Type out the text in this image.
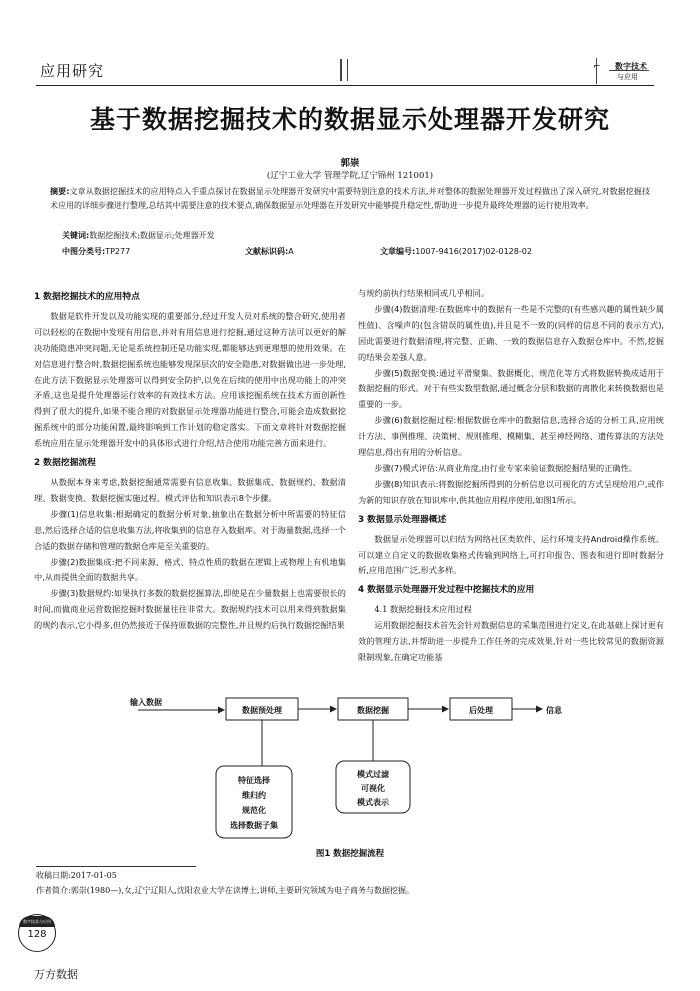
应用研究	⌐ 数字技术
与应用
基于数据挖掘技术的数据显示处理器开发研究
郭崇
(辽宁工业大学 管理学院,辽宁锦州 121001)
摘要:文章从数据挖掘技术的应用特点入手重点探讨在数据显示处理器开发研究中需要特别注意的技术方法,并对整体的数据处理器开发过程做出了深入研究,对数据挖掘技术应用的详细步骤进行整理,总结其中需要注意的技术要点,确保数据显示处理器在开发研究中能够提升稳定性,帮助进一步提升最终处理器的运行使用效率。
关键词:数据挖掘技术;数据显示;处理器开发
中图分类号:TP277	文献标识码:A	文章编号:1007-9416(2017)02-0128-02

1 数据挖掘技术的应用特点

数据是软件开发以及功能实现的重要部分,经过开发人员对系统的整合研究,使用者可以轻松的在数据中发现有用信息,并对有用信息进行挖掘,通过这种方法可以更好的解决功能隐患冲突问题,无论是系统控制还是功能实现,都能够达到更理想的使用效果。在对信息进行整合时,数据挖掘系统也能够发现深层次的安全隐患,对数据做出进一步处理,在此方法下数据显示处理器可以得到安全防护,以免在后续的使用中出现功能上的冲突矛盾,这也是提升处理器运行效率的有效技术方法。应用该挖掘系统在技术方面创新性得到了很大的提升,如果不能合理的对数据显示处理器功能进行整合,可能会造成数据挖掘系统中的部分功能闲置,最终影响到工作计划的稳定落实。下面文章将针对数据挖掘系统应用在显示处理器开发中的具体形式进行介绍,结合使用功能完善方面来进行。

2 数据挖掘流程

从数据本身来考虑,数据挖掘通常需要有信息收集、数据集成、数据规约、数据清理、数据变换、数据挖掘实施过程、模式评估和知识表示8个步骤。

步骤(1)信息收集:根据确定的数据分析对象,抽象出在数据分析中所需要的特征信息,然后选择合适的信息收集方法,将收集到的信息存入数据库。对于海量数据,选择一个合适的数据存储和管理的数据仓库是至关重要的。

步骤(2)数据集成:把不同来源、格式、特点性质的数据在逻辑上或物理上有机地集中,从而提供全面的数据共享。

步骤(3)数据规约:如果执行多数的数据挖掘算法,即使是在少量数据上也需要很长的时间,而做商业运营数据挖掘时数据量往往非常大。数据规约技术可以用来得到数据集的规约表示,它小得多,但仍然接近于保持原数据的完整性,并且规约后执行数据挖掘结果

与规约前执行结果相同或几乎相同。

步骤(4)数据清理:在数据库中的数据有一些是不完整的(有些感兴趣的属性缺少属性值)、含噪声的(包含错误的属性值),并且是不一致的(同样的信息不同的表示方式),因此需要进行数据清理,将完整、正确、一致的数据信息存入数据仓库中。不然,挖掘的结果会差强人意。

步骤(5)数据变换:通过平滑聚集、数据概化、规范化等方式将数据转换成适用于数据挖掘的形式。对于有些实数型数据,通过概念分层和数据的离散化来转换数据也是重要的一步。

步骤(6)数据挖掘过程:根据数据仓库中的数据信息,选择合适的分析工具,应用统计方法、事例推理、决策树、规则推理、模糊集、甚至神经网络、遗传算法的方法处理信息,得出有用的分析信息。

步骤(7)模式评估:从商业角度,由行业专家来验证数据挖掘结果的正确性。

步骤(8)知识表示:将数据挖掘所得到的分析信息以可视化的方式呈现给用户,或作为新的知识存放在知识库中,供其他应用程序使用,如图1所示。

3 数据显示处理器概述

数据显示处理器可以归结为网络社区类软件、运行环境支持Android操作系统。可以建立自定义的数据收集格式传输到网络上,可打印报告、图表和进行即时数据分析,应用范围广泛,形式多样。

4 数据显示处理器开发过程中挖掘技术的应用

4.1 数据挖掘技术应用过程

运用数据挖掘技术首先会针对数据信息的采集范围进行定义,在此基础上探讨更有效的管理方法,并帮助进一步提升工作任务的完成效果,针对一些比较常见的数据资源限制现象,在确定功能基

输入数据
数据预处理	数据挖掘	后处理	信息
特征选择
维归约
规范化
选择数据子集
模式过滤
可视化
模式表示
图1 数据挖掘流程
收稿日期:2017-01-05
作者简介:郭崇(1980—),女,辽宁辽阳人,沈阳农业大学在读博士,讲师,主要研究领域为电子商务与数据挖掘。
数字技术与应用
128
万方数据
